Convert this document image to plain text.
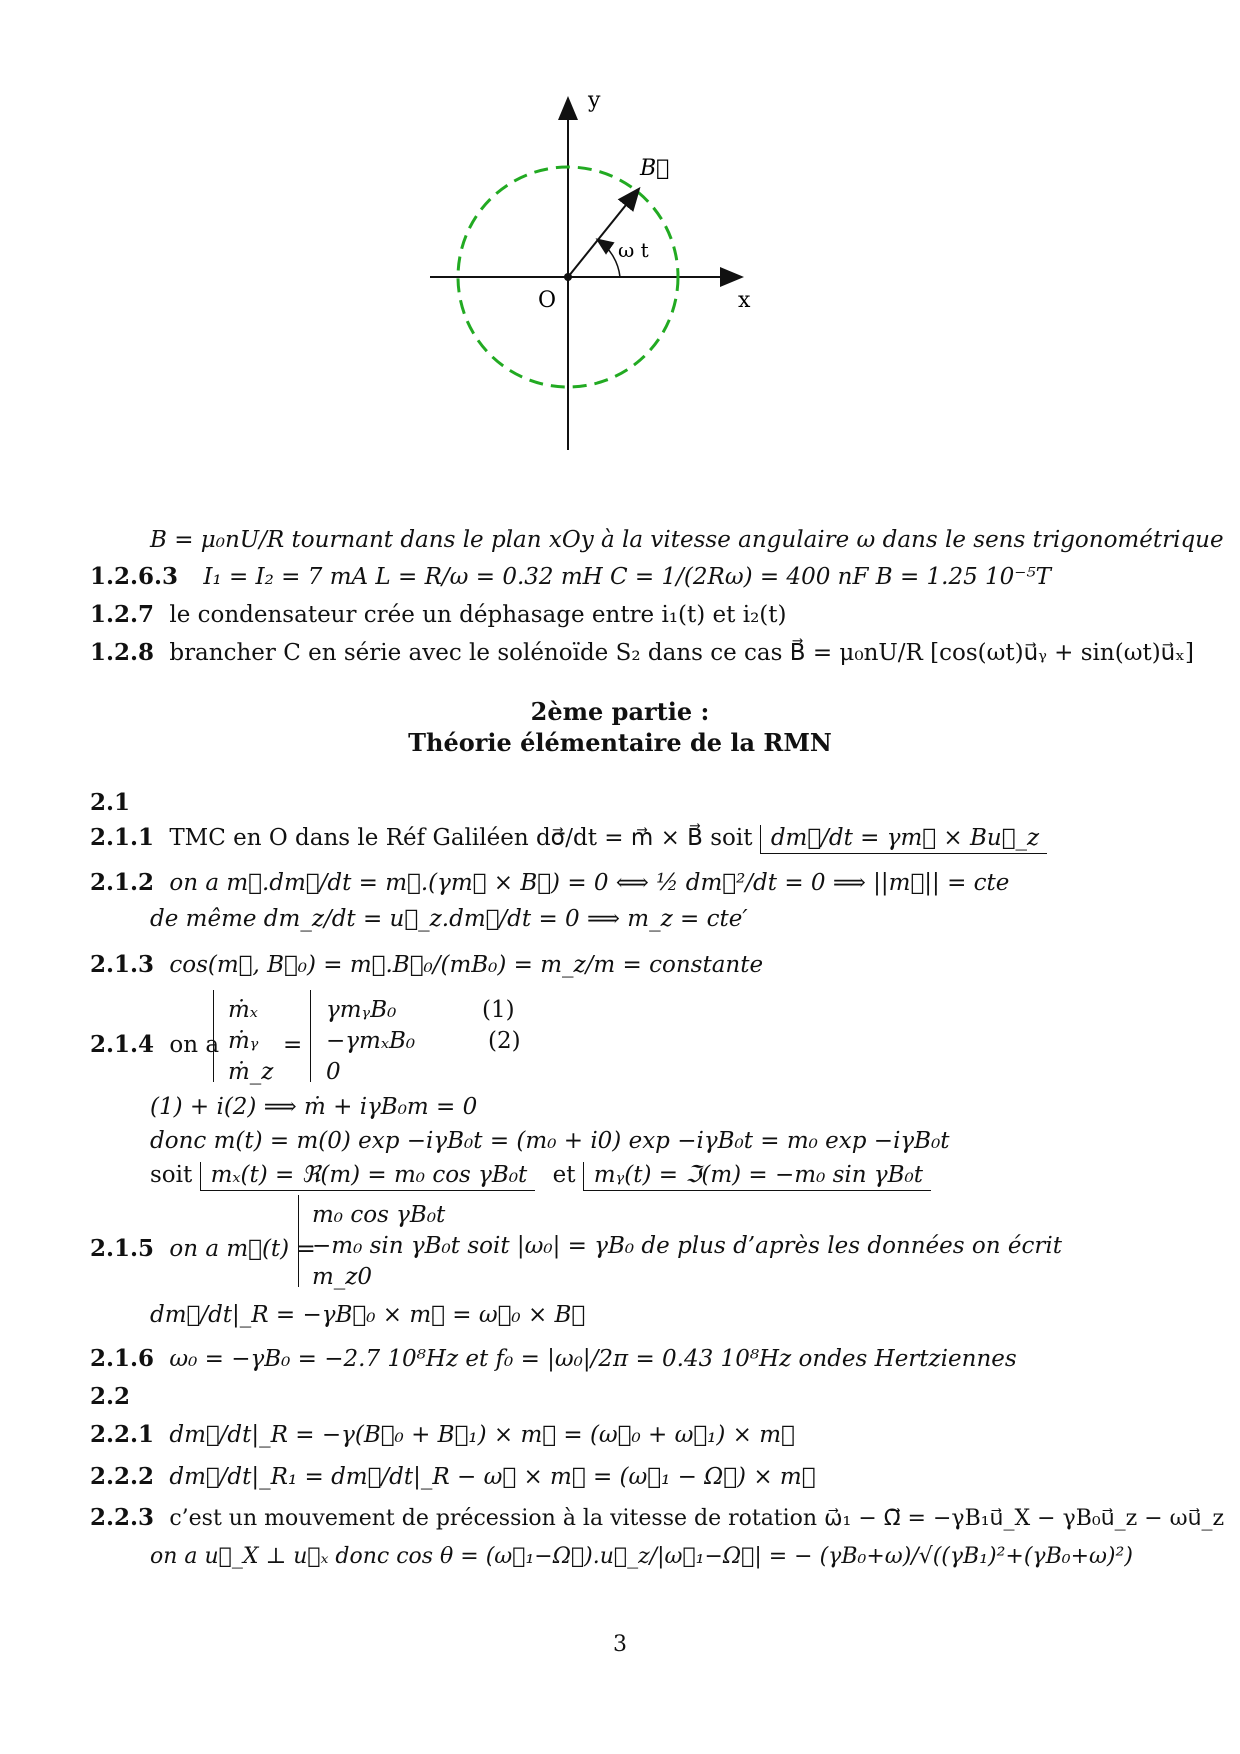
y
x
O
B⃗
ω t
B = μ₀nU/R tournant dans le plan xOy à la vitesse angulaire ω dans le sens trigonométrique
1.2.6.3 I₁ = I₂ = 7 mA L = R/ω = 0.32 mH C = 1/(2Rω) = 400 nF B = 1.25 10⁻⁵T
1.2.7 le condensateur crée un déphasage entre i₁(t) et i₂(t)
1.2.8 brancher C en série avec le solénoïde S₂ dans ce cas B⃗ = μ₀nU/R [cos(ωt)u⃗ᵧ + sin(ωt)u⃗ₓ]
2ème partie :
Théorie élémentaire de la RMN
2.1
2.1.1 TMC en O dans le Réf Galiléen dσ⃗/dt = m⃗ × B⃗ soit dm⃗/dt = γm⃗ × Bu⃗_z
2.1.2 on a m⃗.dm⃗/dt = m⃗.(γm⃗ × B⃗) = 0 ⟺ ½ dm⃗²/dt = 0 ⟹ ||m⃗|| = cte
de même dm_z/dt = u⃗_z.dm⃗/dt = 0 ⟹ m_z = cte′
2.1.3 cos(m⃗, B⃗₀) = m⃗.B⃗₀/(mB₀) = m_z/m = constante
2.1.4 on a
ṁₓ
ṁᵧ
ṁ_z
=
γmᵧB₀
−γmₓB₀
0
(1)
(2)
(1) + i(2) ⟹ ṁ + iγB₀m = 0
donc m(t) = m(0) exp −iγB₀t = (m₀ + i0) exp −iγB₀t = m₀ exp −iγB₀t
soit mₓ(t) = ℜ(m) = m₀ cos γB₀t et mᵧ(t) = ℑ(m) = −m₀ sin γB₀t
2.1.5 on a m⃗(t) =
m₀ cos γB₀t
−m₀ sin γB₀t soit |ω₀| = γB₀ de plus d’après les données on écrit
m_z0
dm⃗/dt|_R = −γB⃗₀ × m⃗ = ω⃗₀ × B⃗
2.1.6 ω₀ = −γB₀ = −2.7 10⁸Hz et f₀ = |ω₀|/2π = 0.43 10⁸Hz ondes Hertziennes
2.2
2.2.1 dm⃗/dt|_R = −γ(B⃗₀ + B⃗₁) × m⃗ = (ω⃗₀ + ω⃗₁) × m⃗
2.2.2 dm⃗/dt|_R₁ = dm⃗/dt|_R − ω⃗ × m⃗ = (ω⃗₁ − Ω⃗) × m⃗
2.2.3 c’est un mouvement de précession à la vitesse de rotation ω⃗₁ − Ω⃗ = −γB₁u⃗_X − γB₀u⃗_z − ωu⃗_z
on a u⃗_X ⊥ u⃗ₓ donc cos θ = (ω⃗₁−Ω⃗).u⃗_z/|ω⃗₁−Ω⃗| = − (γB₀+ω)/√((γB₁)²+(γB₀+ω)²)
3
